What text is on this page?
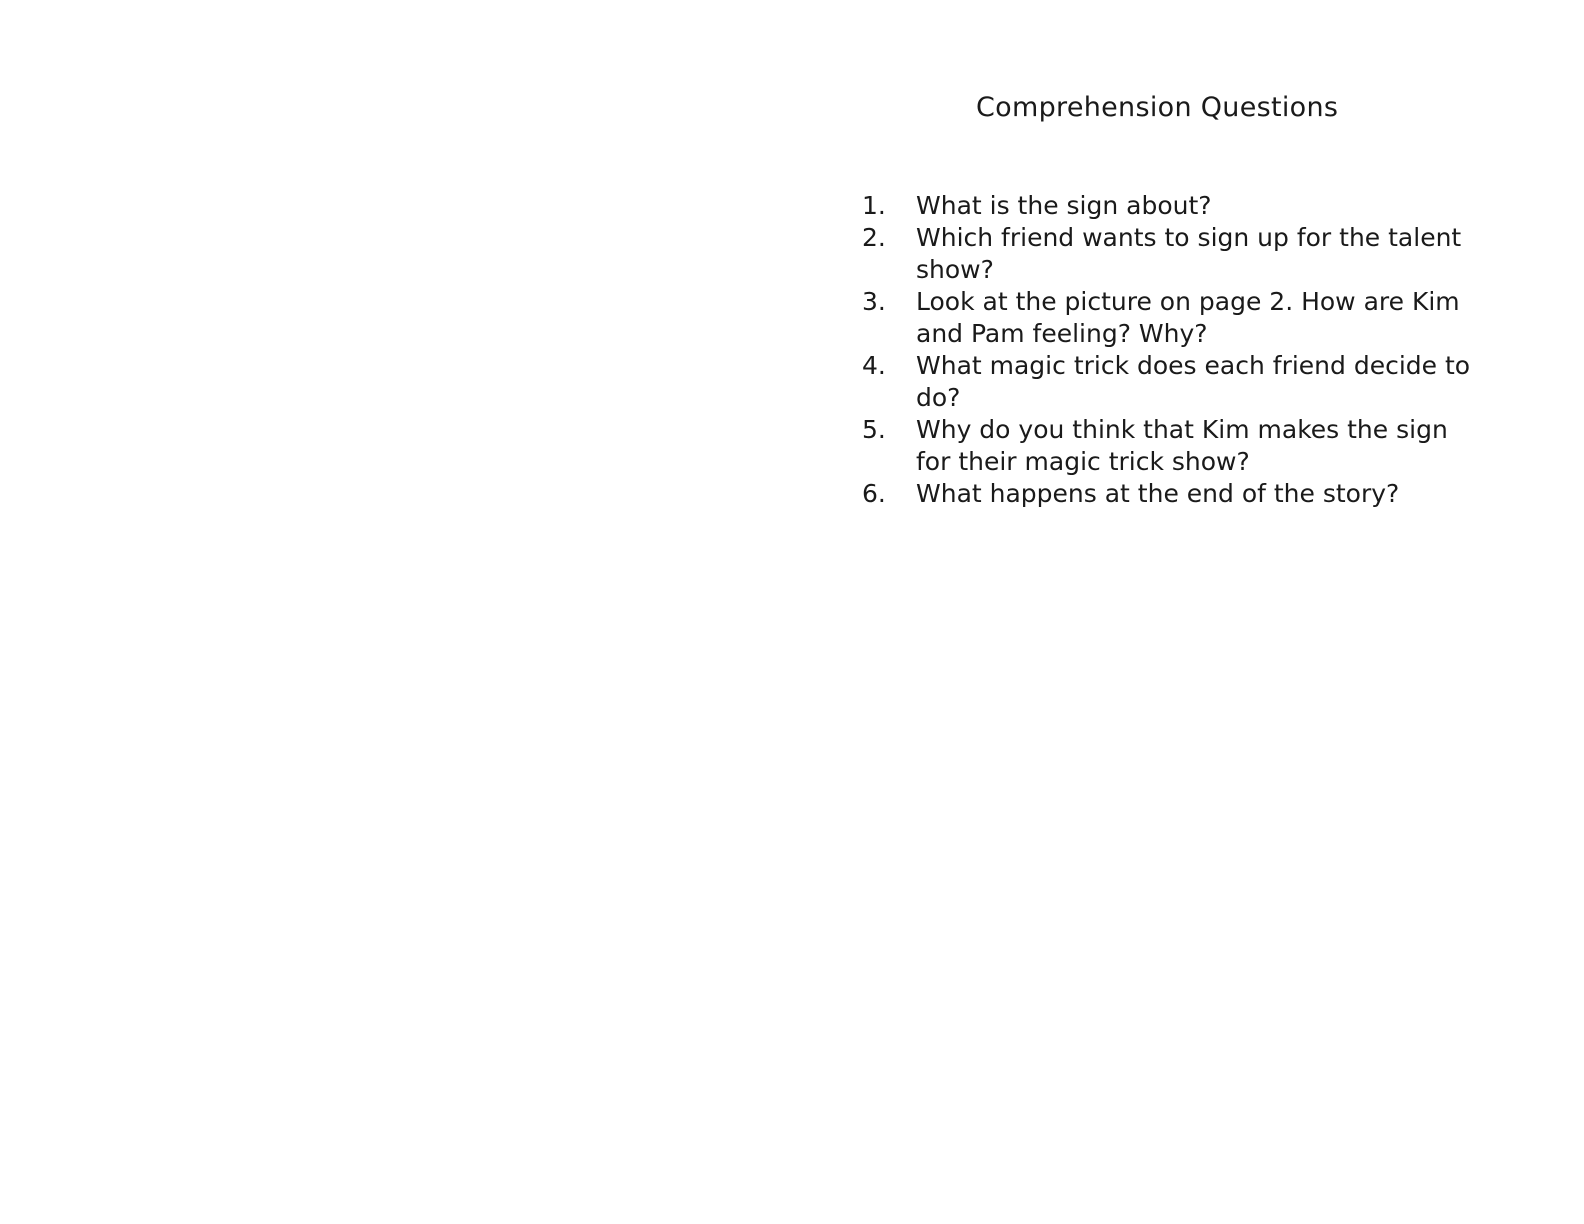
Comprehension Questions
1.	What is the sign about?
2.	Which friend wants to sign up for the talent show?
3.	Look at the picture on page 2. How are Kim and Pam feeling? Why?
4.	What magic trick does each friend decide to do?
5.	Why do you think that Kim makes the sign for their magic trick show?
6.	What happens at the end of the story?
